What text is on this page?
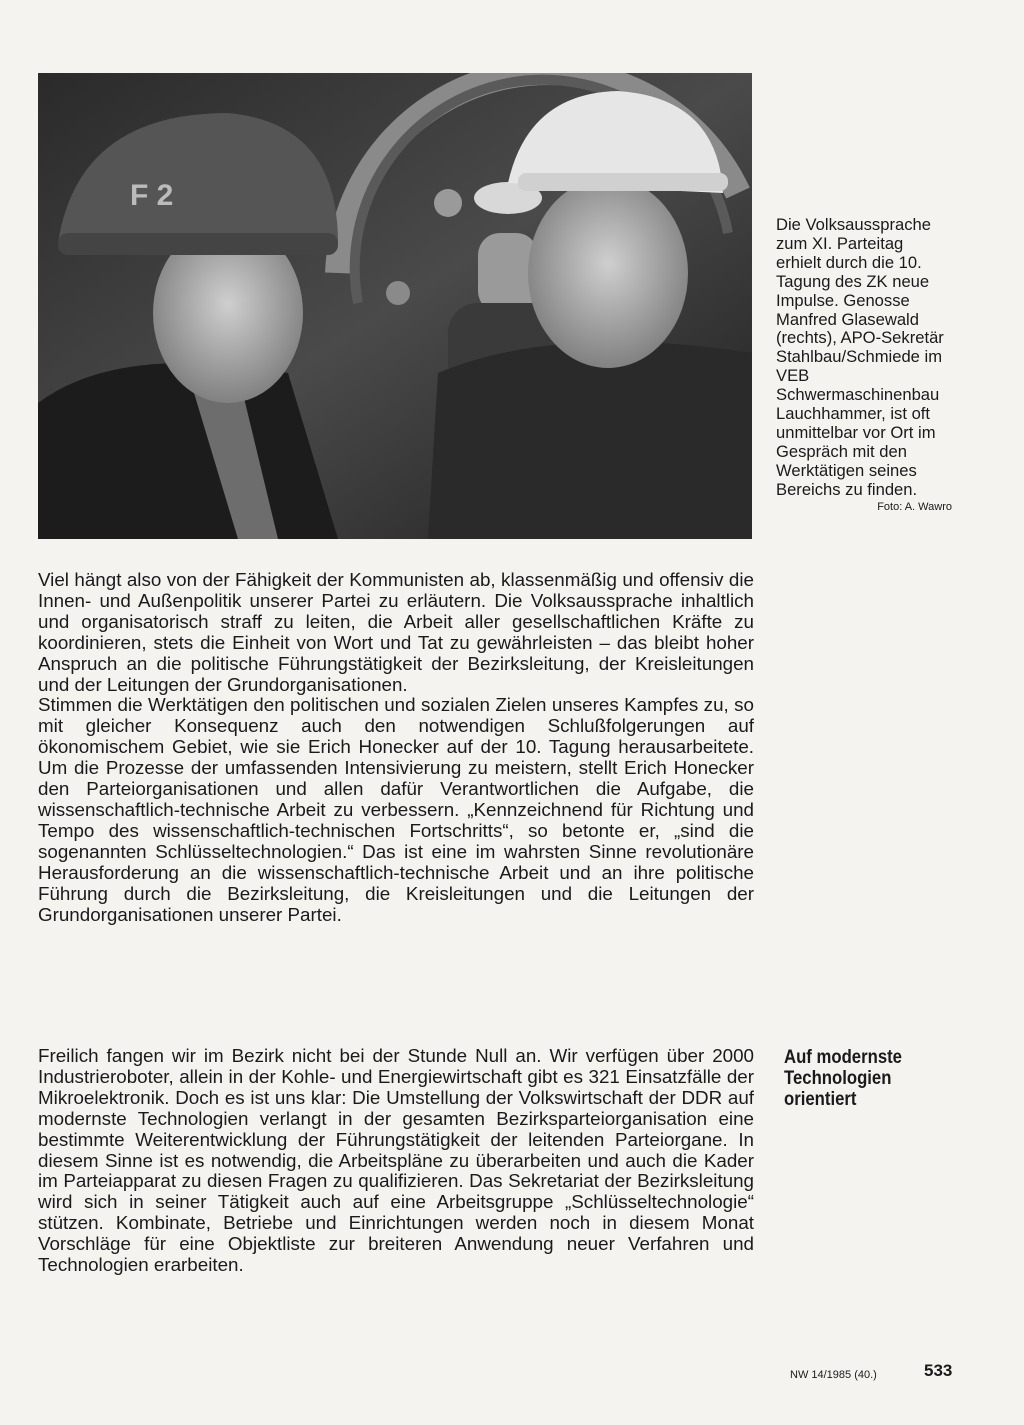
F 2
Die Volksaussprache zum XI. Parteitag erhielt durch die 10. Tagung des ZK neue Impulse. Genosse Manfred Glasewald (rechts), APO-Sekretär Stahlbau/Schmiede im VEB Schwermaschinenbau Lauchhammer, ist oft unmittelbar vor Ort im Gespräch mit den Werktätigen seines Bereichs zu finden.
Foto: A. Wawro

Viel hängt also von der Fähigkeit der Kommunisten ab, klassenmäßig und offensiv die Innen- und Außenpolitik unserer Partei zu erläutern. Die Volksaussprache inhaltlich und organisatorisch straff zu leiten, die Arbeit aller gesellschaftlichen Kräfte zu koordinieren, stets die Einheit von Wort und Tat zu gewährleisten – das bleibt hoher Anspruch an die politische Führungstätigkeit der Bezirksleitung, der Kreisleitungen und der Leitungen der Grundorganisationen.

Stimmen die Werktätigen den politischen und sozialen Zielen unseres Kampfes zu, so mit gleicher Konsequenz auch den notwendigen Schlußfolgerungen auf ökonomischem Gebiet, wie sie Erich Honecker auf der 10. Tagung herausarbeitete. Um die Prozesse der umfassenden Intensivierung zu meistern, stellt Erich Honecker den Parteiorganisationen und allen dafür Verantwortlichen die Aufgabe, die wissenschaftlich-technische Arbeit zu verbessern. „Kennzeichnend für Richtung und Tempo des wissenschaftlich-technischen Fortschritts“, so betonte er, „sind die sogenannten Schlüsseltechnologien.“ Das ist eine im wahrsten Sinne revolutionäre Herausforderung an die wissenschaftlich-technische Arbeit und an ihre politische Führung durch die Bezirksleitung, die Kreisleitungen und die Leitungen der Grundorganisationen unserer Partei.

Auf modernste Technologien orientiert

Freilich fangen wir im Bezirk nicht bei der Stunde Null an. Wir verfügen über 2000 Industrieroboter, allein in der Kohle- und Energiewirtschaft gibt es 321 Einsatzfälle der Mikroelektronik. Doch es ist uns klar: Die Umstellung der Volkswirtschaft der DDR auf modernste Technologien verlangt in der gesamten Bezirksparteiorganisation eine bestimmte Weiterentwicklung der Führungstätigkeit der leitenden Parteiorgane. In diesem Sinne ist es notwendig, die Arbeitspläne zu überarbeiten und auch die Kader im Parteiapparat zu diesen Fragen zu qualifizieren. Das Sekretariat der Bezirksleitung wird sich in seiner Tätigkeit auch auf eine Arbeitsgruppe „Schlüsseltechnologie“ stützen. Kombinate, Betriebe und Einrichtungen werden noch in diesem Monat Vorschläge für eine Objektliste zur breiteren Anwendung neuer Verfahren und Technologien erarbeiten.

NW 14/1985 (40.)	533
